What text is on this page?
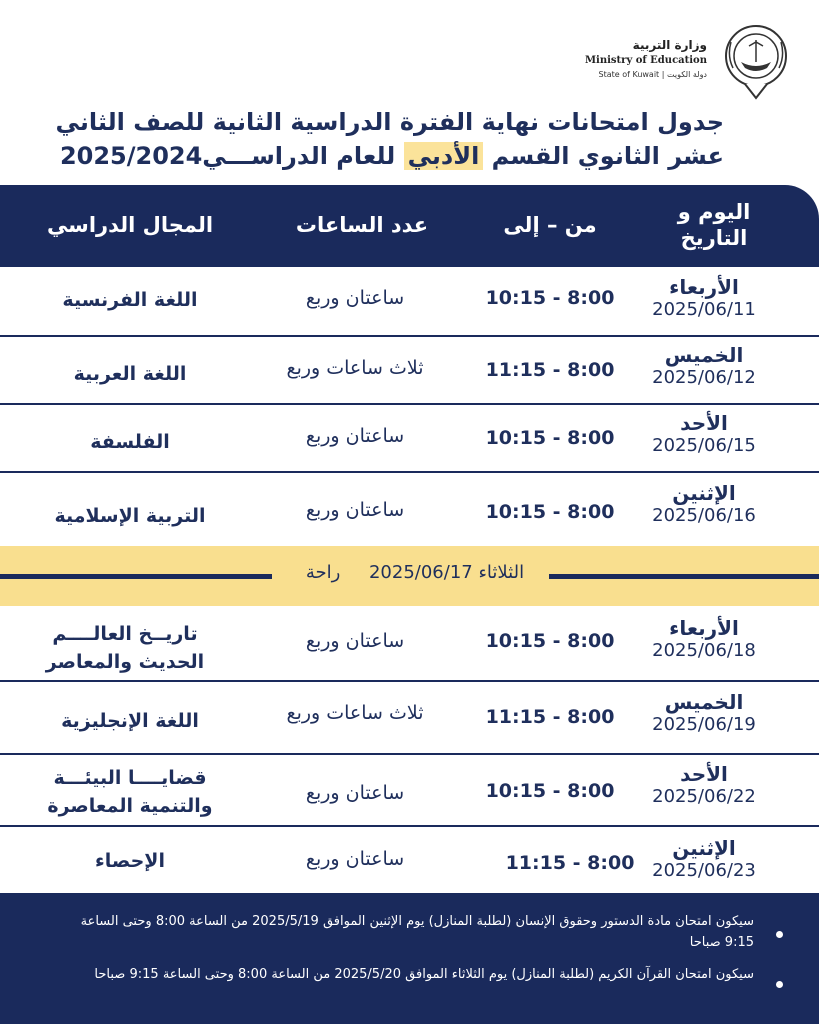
وزارة التربية
Ministry of Education
State of Kuwait | دولة الكويت
جدول امتحانات نهاية الفترة الدراسية الثانية للصف الثاني
عشر الثانوي القسم الأدبي للعام الدراســـي2025/2024
اليوم و التاريخ
من – إلى
عدد الساعات
المجال الدراسي
الأربعاء
2025/06/11
10:15 - 8:00
ساعتان وربع
اللغة الفرنسية
الخميس
2025/06/12
11:15 - 8:00
ثلاث ساعات وربع
اللغة العربية
الأحد
2025/06/15
10:15 - 8:00
ساعتان وربع
الفلسفة
الإثنين
2025/06/16
10:15 - 8:00
ساعتان وربع
التربية الإسلامية
الثلاثاء 2025/06/17     راحة
الأربعاء
2025/06/18
10:15 - 8:00
ساعتان وربع
تاريــخ العالــــم الحديث والمعاصر
الخميس
2025/06/19
11:15 - 8:00
ثلاث ساعات وربع
اللغة الإنجليزية
الأحد
2025/06/22
10:15 - 8:00
ساعتان وربع
قضايــــا البيئـــة والتنمية المعاصرة
الإثنين
2025/06/23
11:15 - 8:00
ساعتان وربع
الإحصاء
سيكون امتحان مادة الدستور وحقوق الإنسان (لطلبة المنازل) يوم الإثنين الموافق 2025/5/19 من الساعة 8:00 وحتى الساعة 9:15 صباحا
سيكون امتحان القرآن الكريم (لطلبة المنازل) يوم الثلاثاء الموافق 2025/5/20 من الساعة 8:00 وحتى الساعة 9:15 صباحا
